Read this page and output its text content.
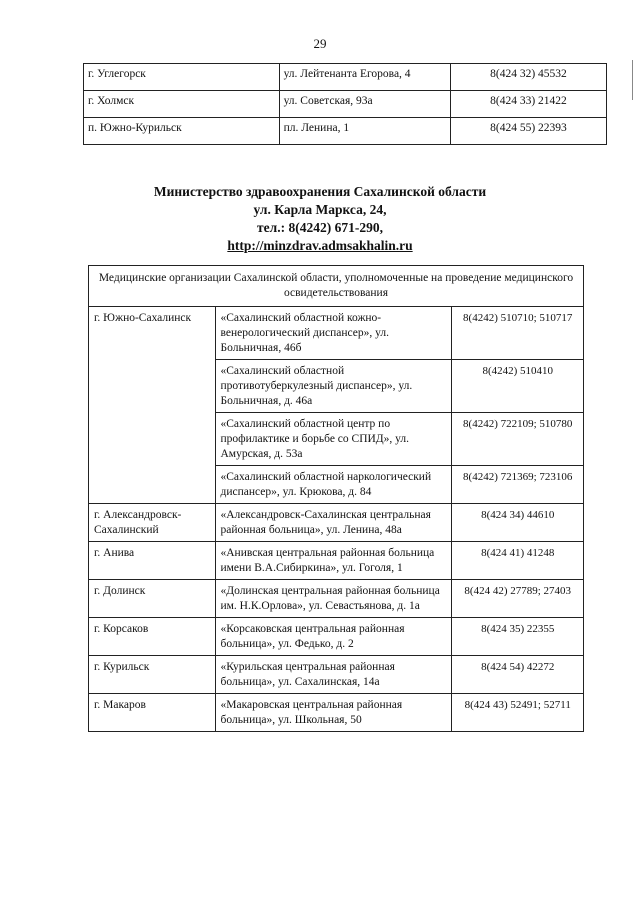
29
г. Углегорск	ул. Лейтенанта Егорова, 4	8(424 32) 45532
г. Холмск	ул. Советская, 93а	8(424 33) 21422
п. Южно-Курильск	пл. Ленина, 1	8(424 55) 22393
Министерство здравоохранения Сахалинской области
ул. Карла Маркса, 24,
тел.: 8(4242) 671-290,
http://minzdrav.admsakhalin.ru
Медицинские организации Сахалинской области, уполномоченные на проведение медицинского освидетельствования		
г. Южно-Сахалинск	«Сахалинский областной кожно-венерологический диспансер», ул. Больничная, 46б	8(4242) 510710; 510717
	«Сахалинский областной противотуберкулезный диспансер», ул. Больничная, д. 46а	8(4242) 510410
	«Сахалинский областной центр по профилактике и борьбе со СПИД», ул. Амурская, д. 53а	8(4242) 722109; 510780
	«Сахалинский областной наркологический диспансер», ул. Крюкова, д. 84	8(4242) 721369; 723106
г. Александровск-Сахалинский	«Александровск-Сахалинская центральная районная больница», ул. Ленина, 48а	8(424 34) 44610
г. Анива	«Анивская центральная районная больница имени В.А.Сибиркина», ул. Гоголя, 1	8(424 41) 41248
г. Долинск	«Долинская центральная районная больница им. Н.К.Орлова», ул. Севастьянова, д. 1а	8(424 42) 27789; 27403
г. Корсаков	«Корсаковская центральная районная больница», ул. Федько, д. 2	8(424 35) 22355
г. Курильск	«Курильская центральная районная больница», ул. Сахалинская, 14а	8(424 54) 42272
г. Макаров	«Макаровская центральная районная больница», ул. Школьная, 50	8(424 43) 52491; 52711
